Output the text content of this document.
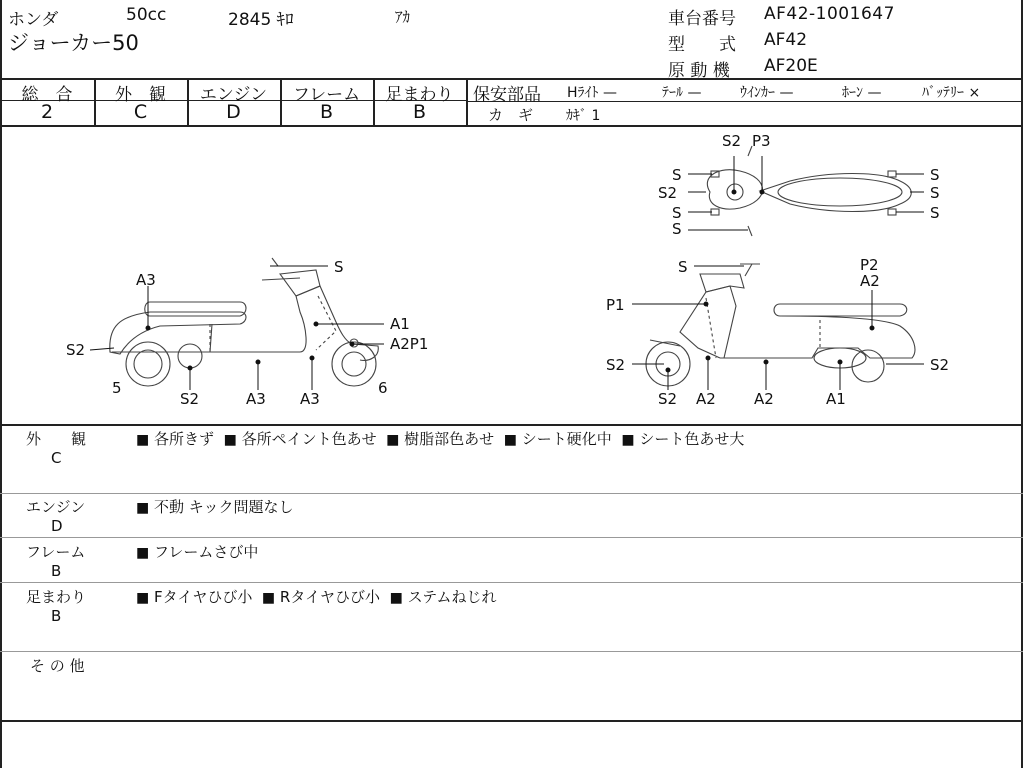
ホンダ	50cc	2845 ｷﾛ	ｱｶ
ジョーカー50
車台番号 AF42-1001647
型　　式 AF42
原 動 機 AF20E
総　合	外　観	エンジン	フレーム	足まわり
2	C	D	B	B
保安部品 Hﾗｲﾄ —	ﾃｰﾙ —	ｳｲﾝｶｰ —	ﾎｰﾝ —	ﾊﾞｯﾃﾘｰ ×
カ　ギ ｶｷﾞ 1
S
A3
A1
A2P1
S2
5
S2	A3 A3
6
S2 P3
S
S2
S
S
S
S
S
S	P2
A2
P1
S2	S2
S2 A2	A2	A1
外　　観
C
■ 各所きず ■ 各所ペイント色あせ ■ 樹脂部色あせ ■ シート硬化中 ■ シート色あせ大
エンジン
D
■ 不動 キック問題なし
フレーム
B
■ フレームさび中
足まわり
B
■ Fタイヤひび小 ■ Rタイヤひび小 ■ ステムねじれ
そ の 他
